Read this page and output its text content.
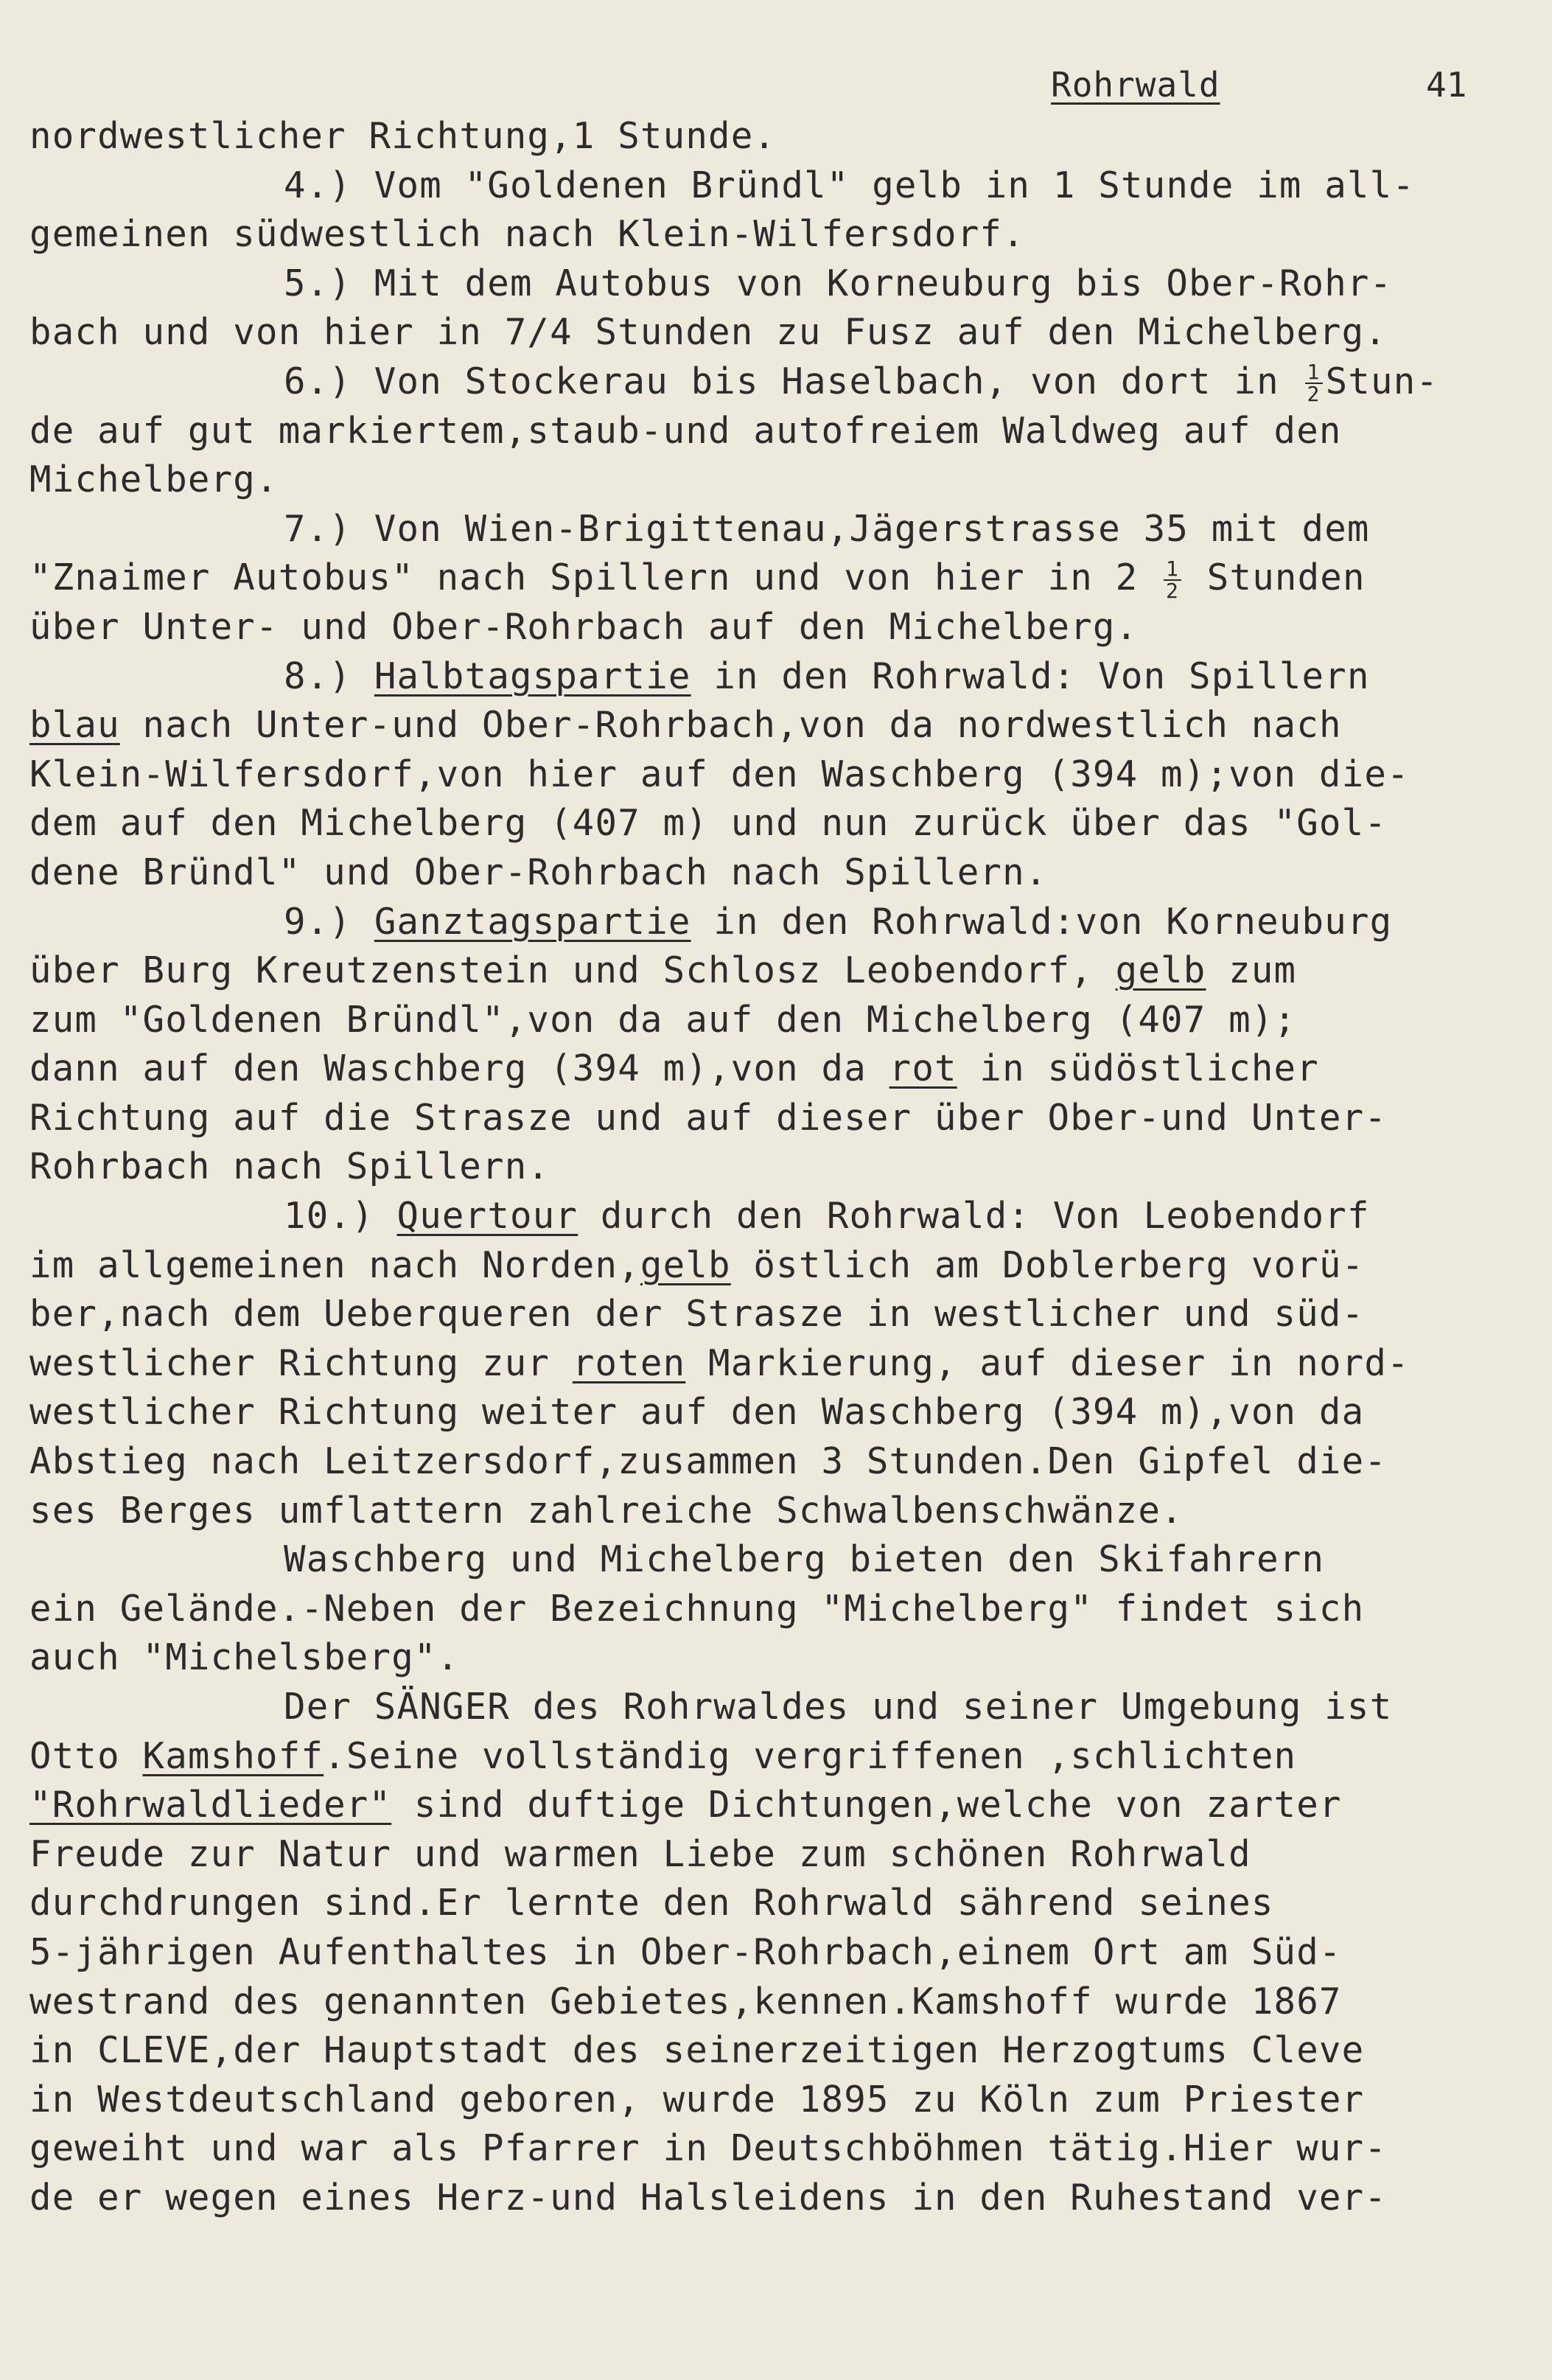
Rohrwald	41
nordwestlicher Richtung,1 Stunde.
4.) Vom "Goldenen Bründl" gelb in 1 Stunde im all-
gemeinen südwestlich nach Klein-Wilfersdorf.
5.) Mit dem Autobus von Korneuburg bis Ober-Rohr-
bach und von hier in 7/4 Stunden zu Fusz auf den Michelberg.
6.) Von Stockerau bis Haselbach, von dort in $\frac{1}{2}$ Stun-
de auf gut markiertem,staub-und autofreiem Waldweg auf den
Michelberg.
7.) Von Wien-Brigittenau,Jägerstrasse 35 mit dem
"Znaimer Autobus" nach Spillern und von hier in $2 \frac{1}{2}$ Stunden
über Unter- und Ober-Rohrbach auf den Michelberg.
8.) Halbtagspartie in den Rohrwald: Von Spillern
blau nach Unter-und Ober-Rohrbach,von da nordwestlich nach
Klein-Wilfersdorf,von hier auf den Waschberg (394 m);von die-
dem auf den Michelberg (407 m) und nun zurück über das "Gol-
dene Bründl" und Ober-Rohrbach nach Spillern.
9.) Ganztagspartie in den Rohrwald:von Korneuburg
über Burg Kreutzenstein und Schlosz Leobendorf, gelb zum
zum "Goldenen Bründl",von da auf den Michelberg (407 m);
dann auf den Waschberg (394 m),von da rot in südöstlicher
Richtung auf die Strasze und auf dieser über Ober-und Unter-
Rohrbach nach Spillern.
10.) Quertour durch den Rohrwald: Von Leobendorf
im allgemeinen nach Norden,gelb östlich am Doblerberg vorü-
ber,nach dem Ueberqueren der Strasze in westlicher und süd-
westlicher Richtung zur roten Markierung, auf dieser in nord-
westlicher Richtung weiter auf den Waschberg (394 m),von da
Abstieg nach Leitzersdorf,zusammen 3 Stunden.Den Gipfel die-
ses Berges umflattern zahlreiche Schwalbenschwänze.
Waschberg und Michelberg bieten den Skifahrern
ein Gelände.-Neben der Bezeichnung "Michelberg" findet sich
auch "Michelsberg".
Der SÄNGER des Rohrwaldes und seiner Umgebung ist
Otto Kamshoff.Seine vollständig vergriffenen ,schlichten
"Rohrwaldlieder" sind duftige Dichtungen,welche von zarter
Freude zur Natur und warmen Liebe zum schönen Rohrwald
durchdrungen sind.Er lernte den Rohrwald sährend seines
5-jährigen Aufenthaltes in Ober-Rohrbach,einem Ort am Süd-
westrand des genannten Gebietes,kennen.Kamshoff wurde 1867
in CLEVE,der Hauptstadt des seinerzeitigen Herzogtums Cleve
in Westdeutschland geboren, wurde 1895 zu Köln zum Priester
geweiht und war als Pfarrer in Deutschböhmen tätig.Hier wur-
de er wegen eines Herz-und Halsleidens in den Ruhestand ver-
